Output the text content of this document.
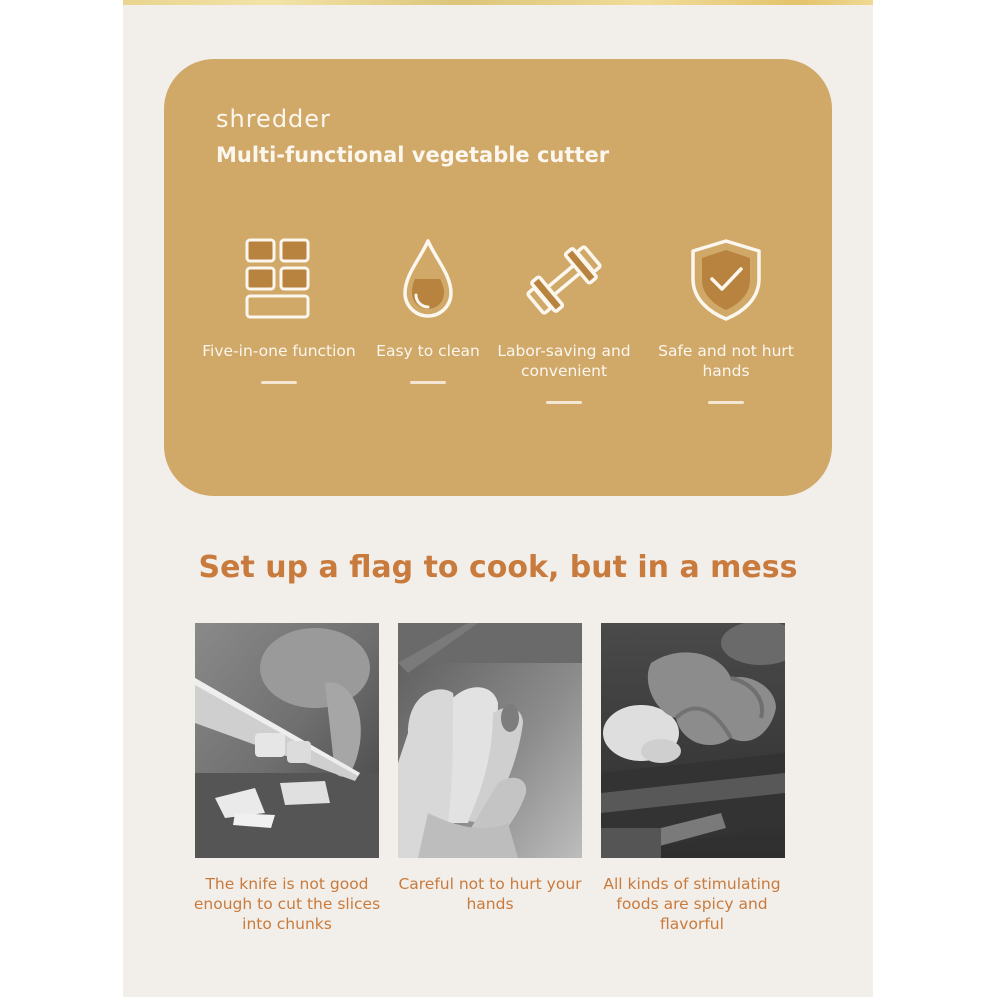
shredder
Multi-functional vegetable cutter
Five-in-one function	Easy to clean	Labor-saving and convenient
Safe and not hurt hands
Set up a flag to cook, but in a mess
The knife is not good enough to cut the slices into chunks
Careful not to hurt your hands
All kinds of stimulating foods are spicy and flavorful
